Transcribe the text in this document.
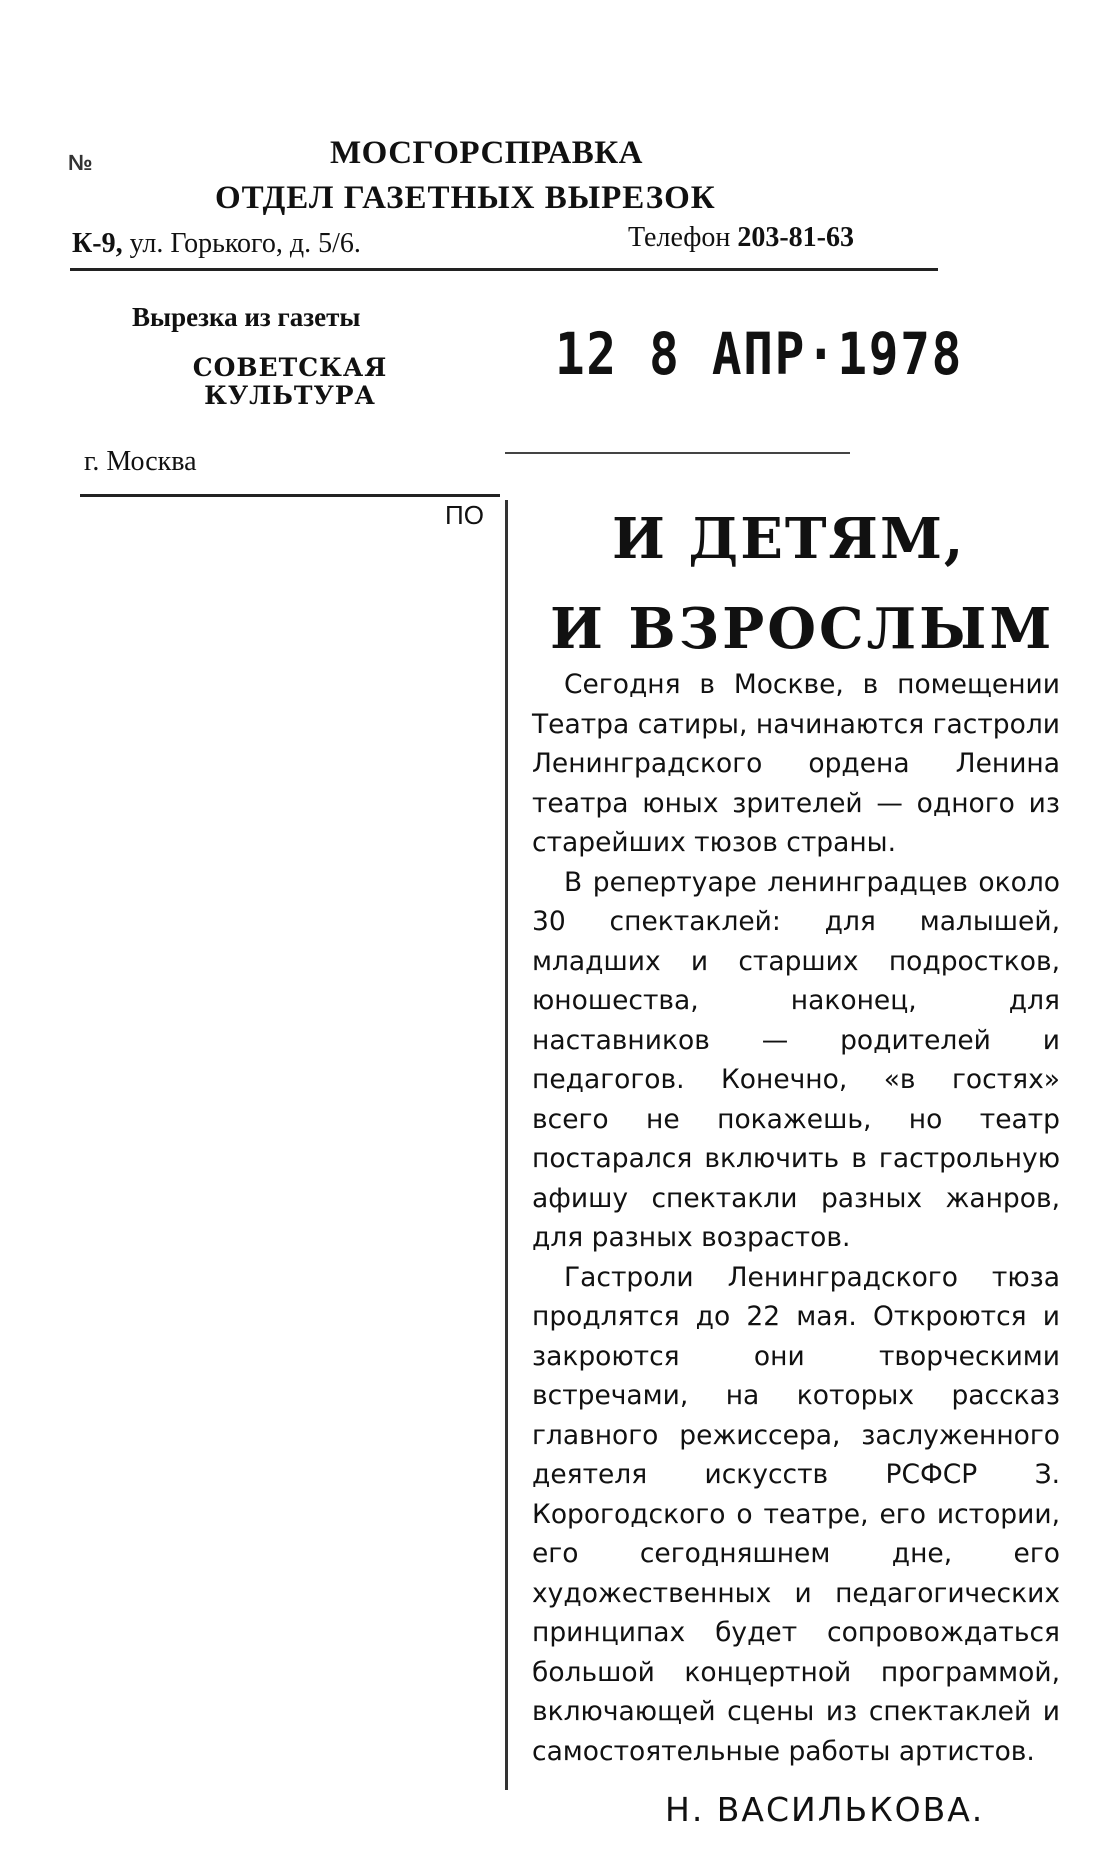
№	МОСГОРСПРАВКА
ОТДЕЛ ГАЗЕТНЫХ ВЫРЕЗОК
К-9, ул. Горького, д. 5/6.	Телефон 203-81-63
Вырезка из газеты
СОВЕТСКАЯ КУЛЬТУРА
12 8 АПР·1978
г. Москва
ПО И ДЕТЯМ,
И ВЗРОСЛЫМ

Сегодня в Москве, в помещении Театра сатиры, начинаются гастроли Ленинградского ордена Ленина театра юных зрителей — одного из старейших тюзов страны.

В репертуаре ленинградцев около 30 спектаклей: для малышей, младших и старших подростков, юношества, наконец, для наставников — родителей и педагогов. Конечно, «в гостях» всего не покажешь, но театр постарался включить в гастрольную афишу спектакли разных жанров, для разных возрастов.

Гастроли Ленинградского тюза продлятся до 22 мая. Откроются и закроются они творческими встречами, на которых рассказ главного режиссера, заслуженного деятеля искусств РСФСР З. Корогодского о театре, его истории, его сегодняшнем дне, его художественных и педагогических принципах будет сопровождаться большой концертной программой, включающей сцены из спектаклей и самостоятельные работы артистов.

Н. ВАСИЛЬКОВА.
